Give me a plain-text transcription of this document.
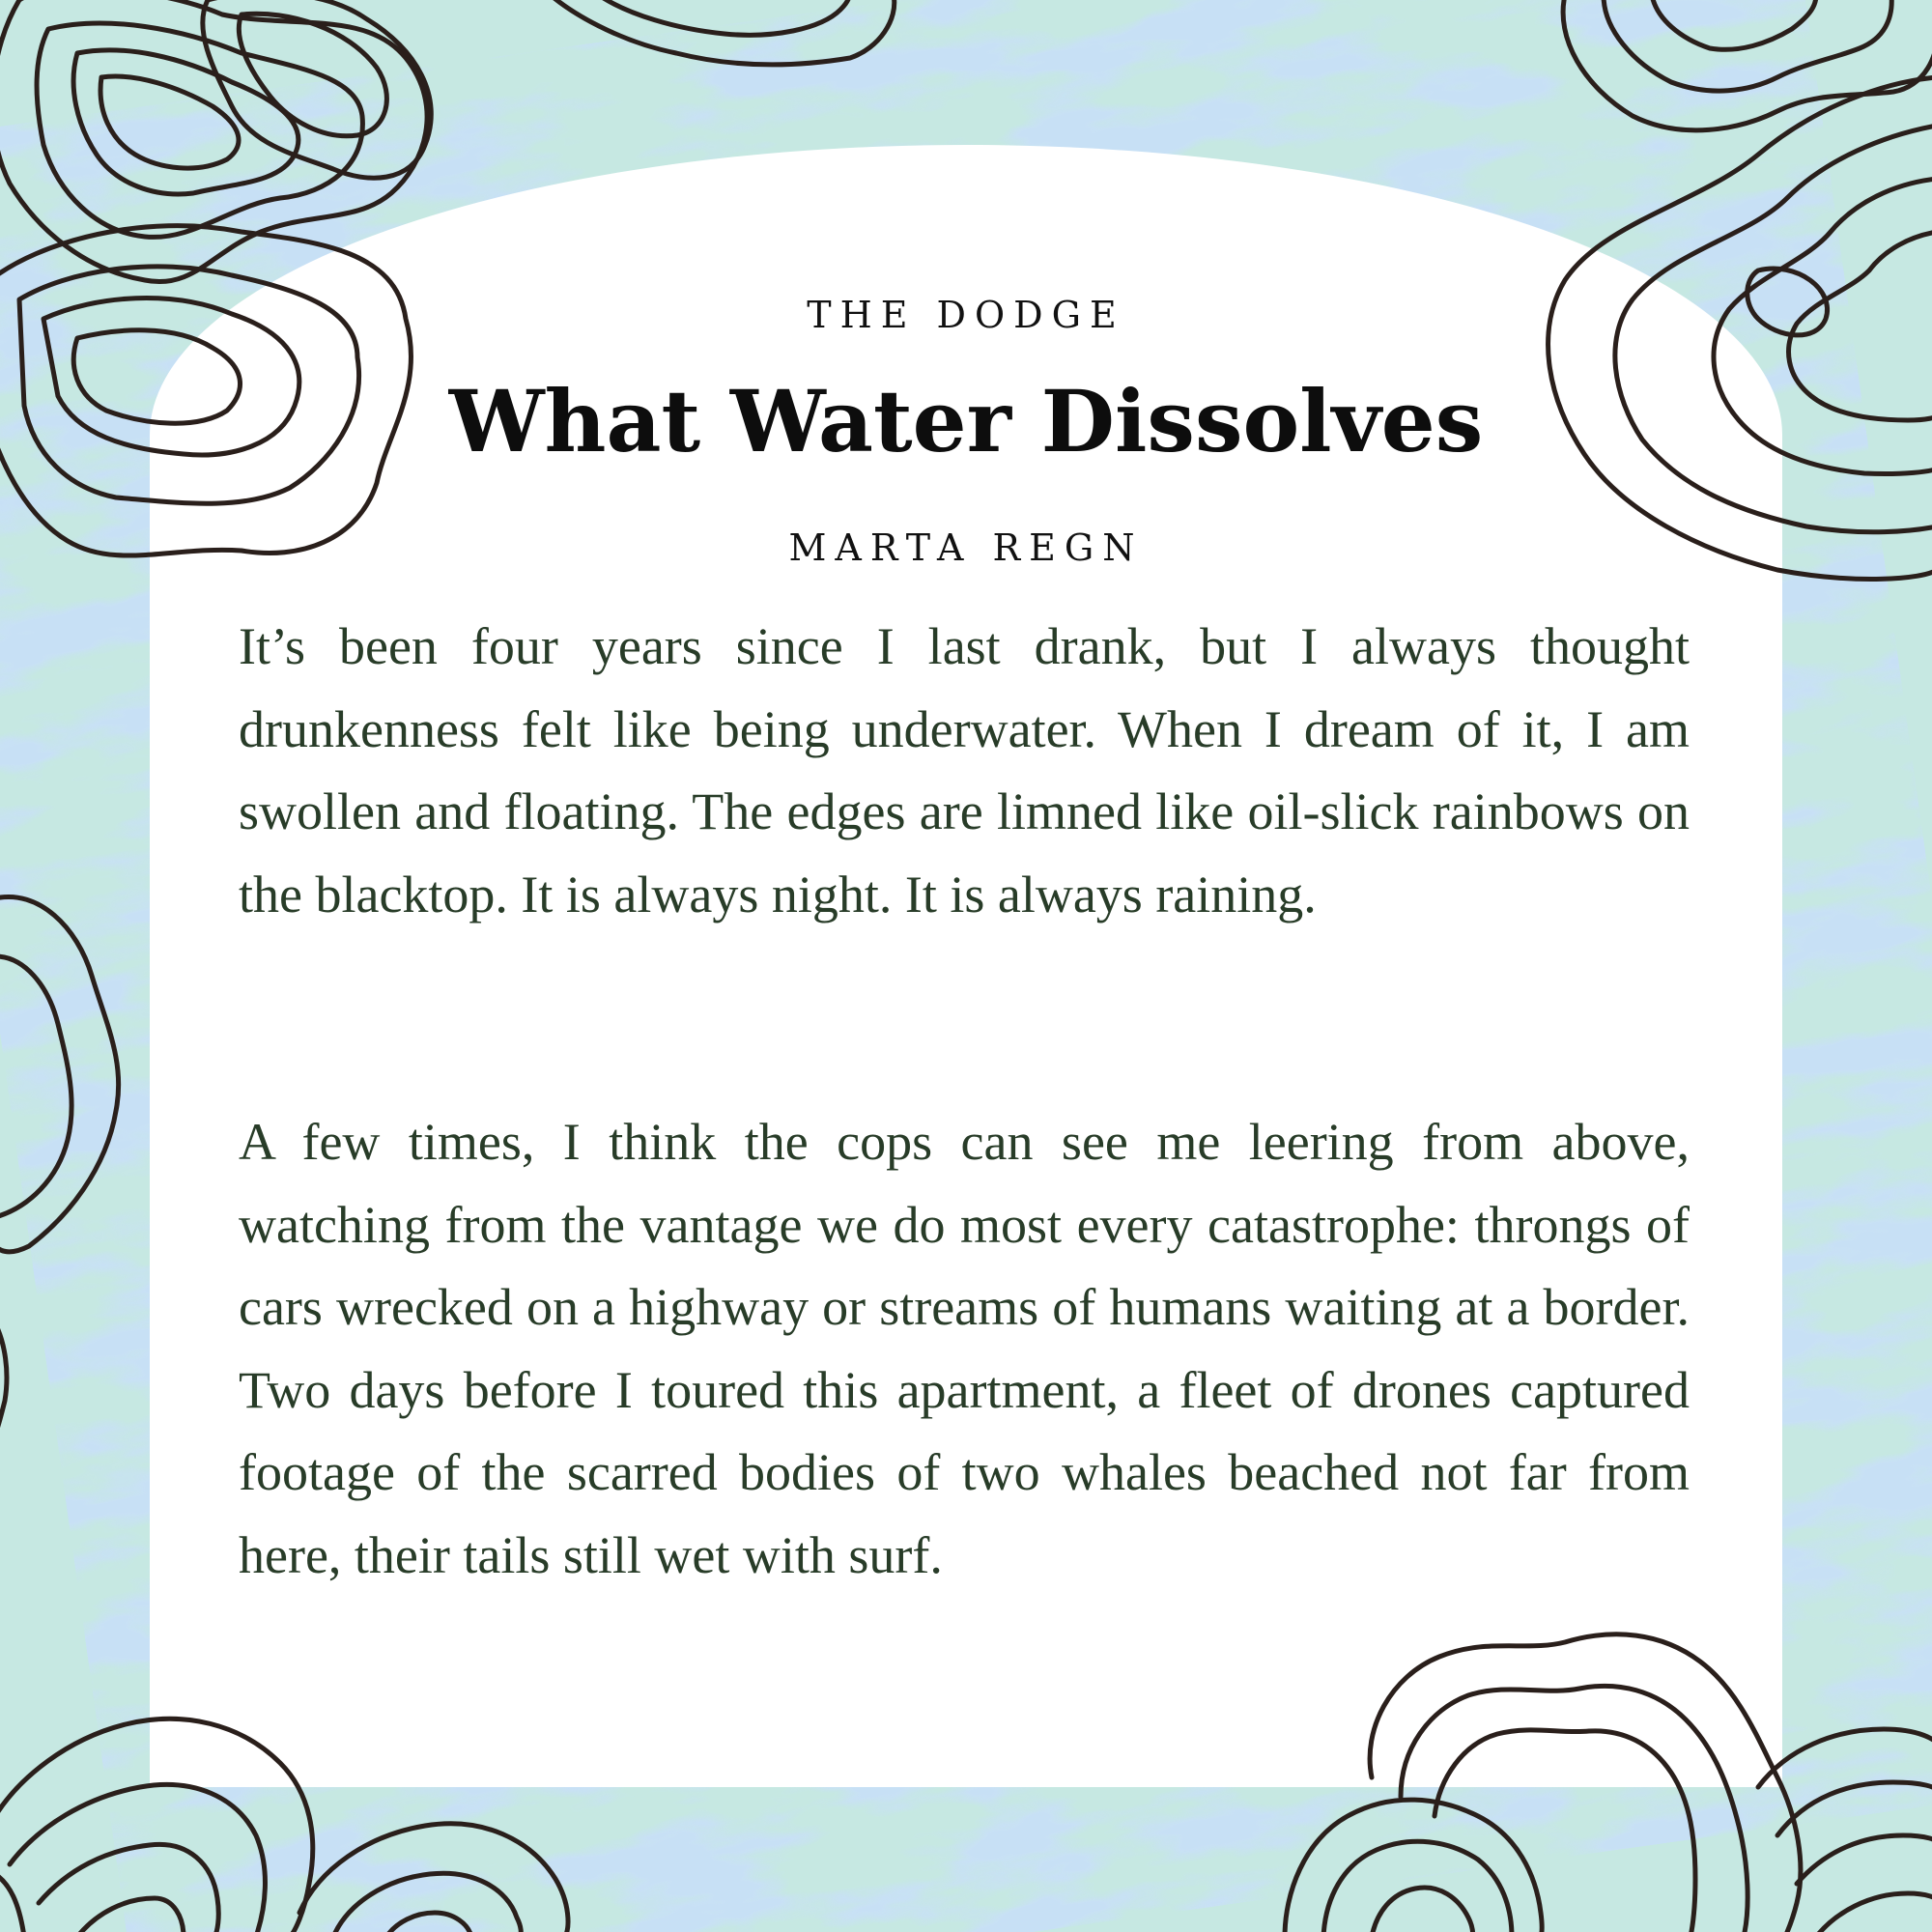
THE DODGE

What Water Dissolves

MARTA REGN

It’s been four years since I last drank, but I always thought drunkenness felt like being underwater. When I dream of it, I am swollen and floating. The edges are limned like oil-slick rainbows on the blacktop. It is always night. It is always raining.

A few times, I think the cops can see me leering from above, watching from the vantage we do most every catastrophe: throngs of cars wrecked on a highway or streams of humans waiting at a border. Two days before I toured this apartment, a fleet of drones captured footage of the scarred bodies of two whales beached not far from here, their tails still wet with surf.
